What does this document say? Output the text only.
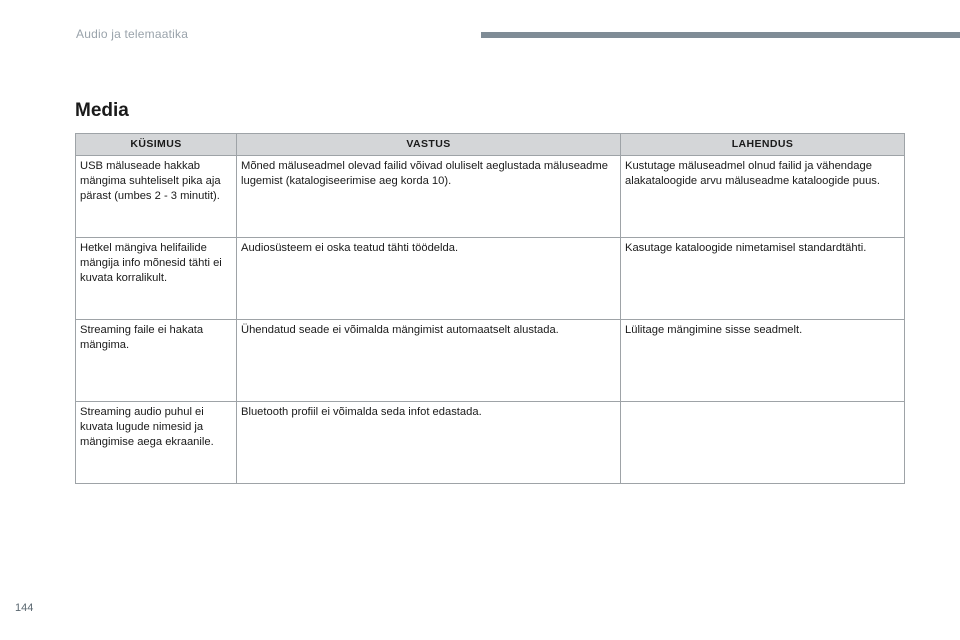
Audio ja telemaatika
Media
KÜSIMUS	VASTUS	LAHENDUS
USB mäluseade hakkab mängima suhteliselt pika aja pärast (umbes 2 - 3 minutit).	Mõned mäluseadmel olevad failid võivad oluliselt aeglustada mäluseadme lugemist (katalogiseerimise aeg korda 10).	Kustutage mäluseadmel olnud failid ja vähendage alakataloogide arvu mäluseadme kataloogide puus.
Hetkel mängiva helifailide mängija info mõnesid tähti ei kuvata korralikult.	Audiosüsteem ei oska teatud tähti töödelda.	Kasutage kataloogide nimetamisel standardtähti.
Streaming faile ei hakata mängima.	Ühendatud seade ei võimalda mängimist automaatselt alustada.	Lülitage mängimine sisse seadmelt.
Streaming audio puhul ei kuvata lugude nimesid ja mängimise aega ekraanile.	Bluetooth profiil ei võimalda seda infot edastada.	
144
